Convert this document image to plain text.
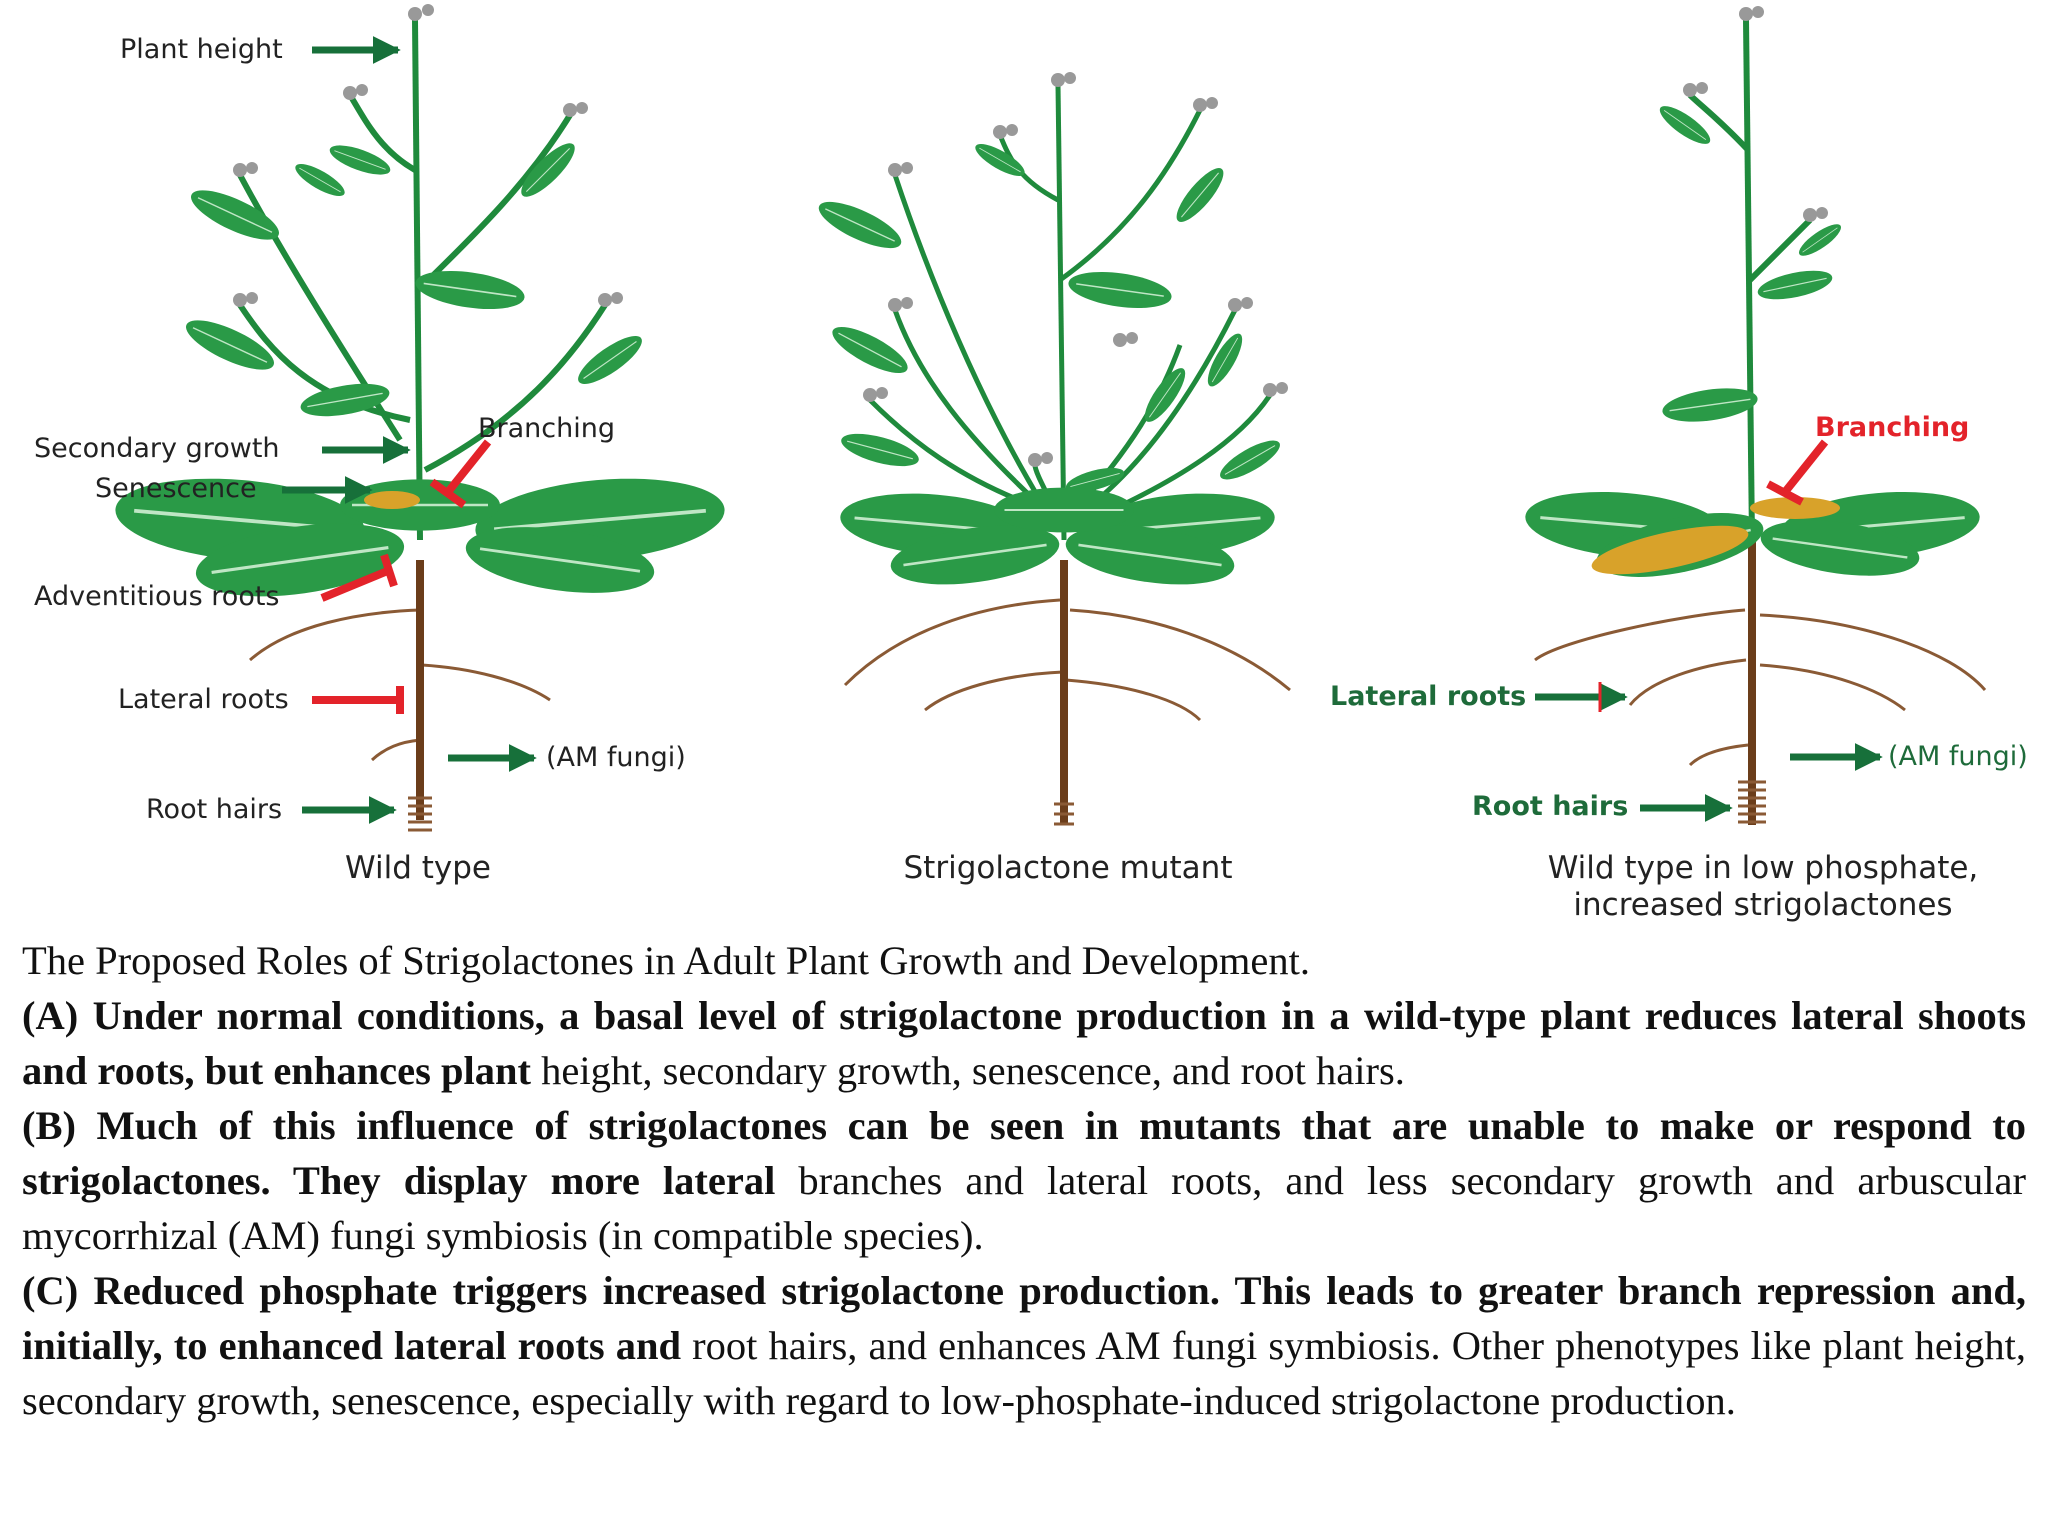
Plant height
Secondary growth
Senescence
Branching
Adventitious roots
Lateral roots
(AM fungi)
Root hairs
Wild type	Strigolactone mutant
Branching
Lateral roots
(AM fungi)
Root hairs
Wild type in low phosphate,
increased strigolactones

The Proposed Roles of Strigolactones in Adult Plant Growth and Development.

(A) Under normal conditions, a basal level of strigolactone production in a wild-type plant reduces lateral shoots and roots, but enhances plant height, secondary growth, senescence, and root hairs.

(B) Much of this influence of strigolactones can be seen in mutants that are unable to make or respond to strigolactones. They display more lateral branches and lateral roots, and less secondary growth and arbuscular mycorrhizal (AM) fungi symbiosis (in compatible species).

(C) Reduced phosphate triggers increased strigolactone production. This leads to greater branch repression and, initially, to enhanced lateral roots and root hairs, and enhances AM fungi symbiosis. Other phenotypes like plant height, secondary growth, senescence, especially with regard to low-phosphate-induced strigolactone production.
